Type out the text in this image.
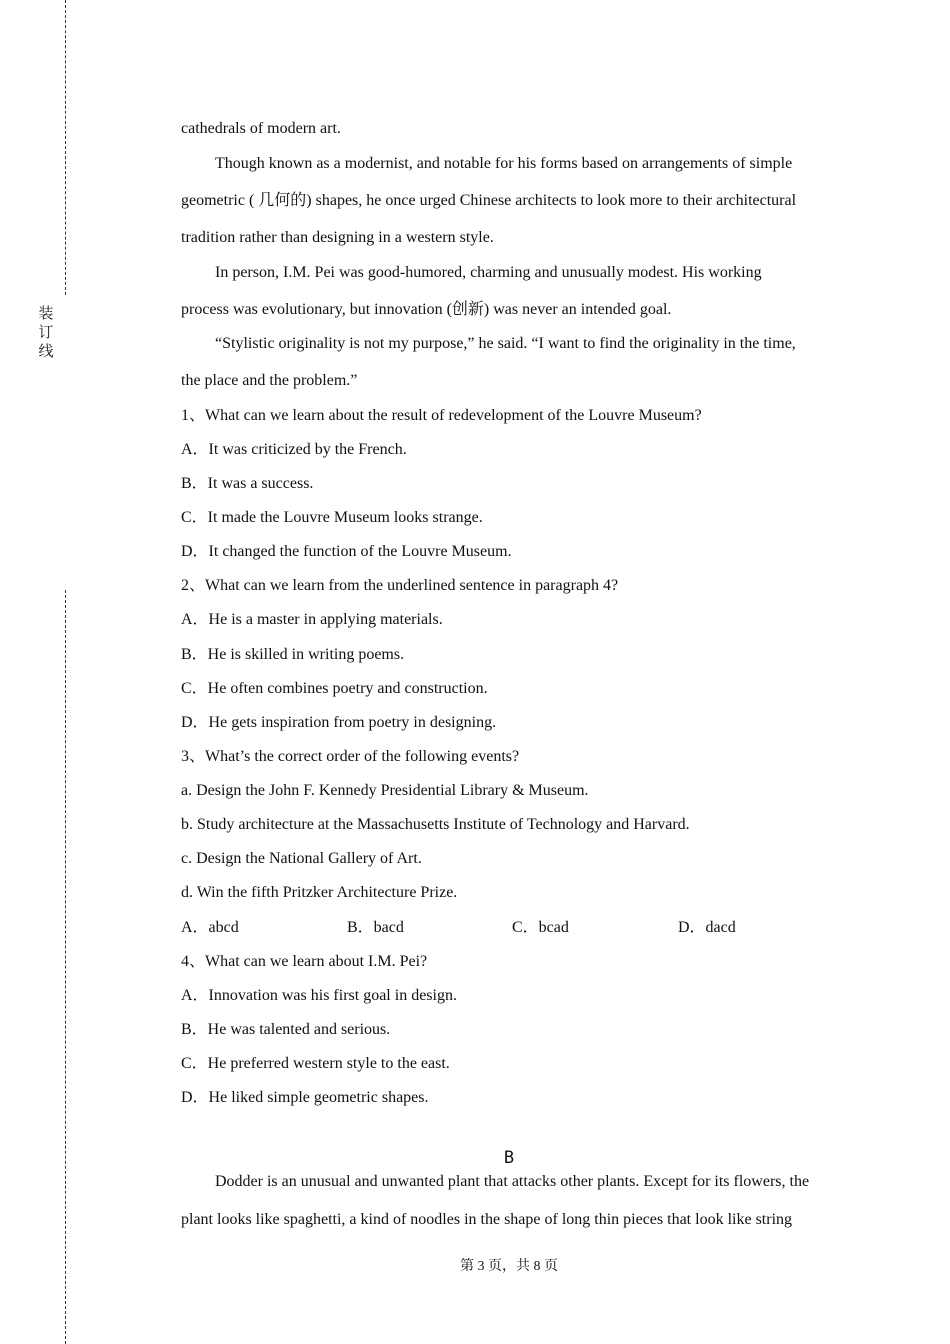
装
订
线
cathedrals of modern art.
Though known as a modernist, and notable for his forms based on arrangements of simple
geometric ( 几何的) shapes, he once urged Chinese architects to look more to their architectural
tradition rather than designing in a western style.
In person, I.M. Pei was good-humored, charming and unusually modest. His working
process was evolutionary, but innovation (创新) was never an intended goal.
“Stylistic originality is not my purpose,” he said. “I want to find the originality in the time,
the place and the problem.”
1、What can we learn about the result of redevelopment of the Louvre Museum?
A．It was criticized by the French.
B．It was a success.
C．It made the Louvre Museum looks strange.
D．It changed the function of the Louvre Museum.
2、What can we learn from the underlined sentence in paragraph 4?
A．He is a master in applying materials.
B．He is skilled in writing poems.
C．He often combines poetry and construction.
D．He gets inspiration from poetry in designing.
3、What’s the correct order of the following events?
a. Design the John F. Kennedy Presidential Library & Museum.
b. Study architecture at the Massachusetts Institute of Technology and Harvard.
c. Design the National Gallery of Art.
d. Win the fifth Pritzker Architecture Prize.
A．abcd	B．bacd	C．bcad	D．dacd
4、What can we learn about I.M. Pei?
A．Innovation was his first goal in design.
B．He was talented and serious.
C．He preferred western style to the east.
D．He liked simple geometric shapes.
B
Dodder is an unusual and unwanted plant that attacks other plants. Except for its flowers, the
plant looks like spaghetti, a kind of noodles in the shape of long thin pieces that look like string
第 3 页，共 8 页
